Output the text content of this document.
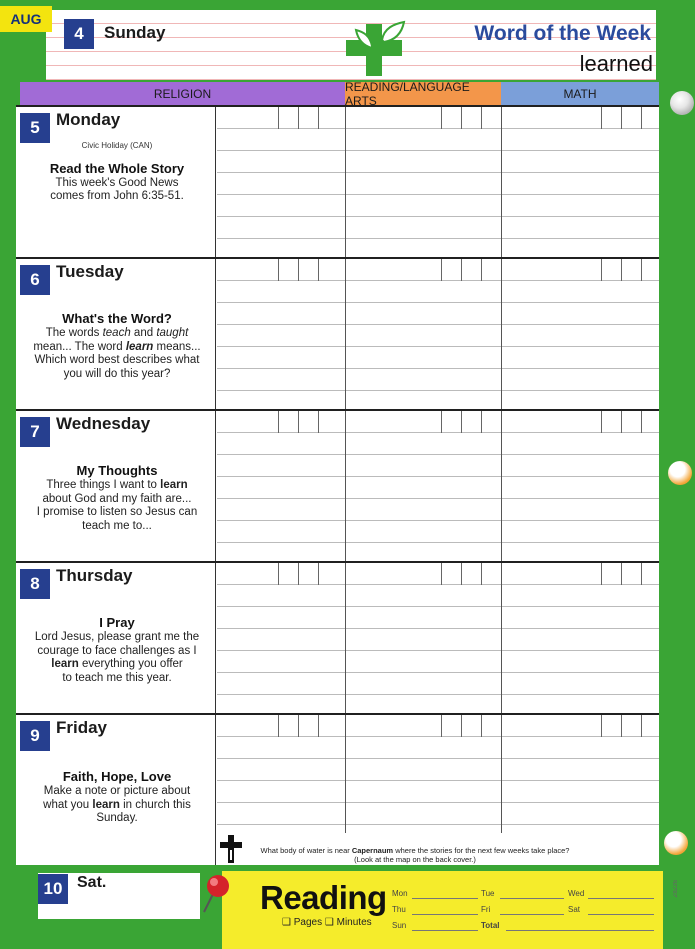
AUG
4	Sunday	Word of the Week
learned
RELIGION	READING/LANGUAGE ARTS	MATH
5 Monday
Civic Holiday (CAN)
Read the Whole Story
This week's Good News
comes from John 6:35-51.
6 Tuesday
What's the Word?
The words teach and taught
mean... The word learn means...
Which word best describes what
you will do this year?
7 Wednesday
My Thoughts
Three things I want to learn
about God and my faith are...
I promise to listen so Jesus can
teach me to...
8 Thursday
I Pray
Lord Jesus, please grant me the
courage to face challenges as I
learn everything you offer
to teach me this year.
9 Friday
Faith, Hope, Love
Make a note or picture about
what you learn in church this
Sunday.
What body of water is near Capernaum where the stories for the next few weeks take place?
(Look at the map on the back cover.)
10 Sat.	Reading
❑ Pages ❑ Minutes
Mon	Tue	Wed
Thu	Fri	Sat
Sun	Total
Z8Z26
